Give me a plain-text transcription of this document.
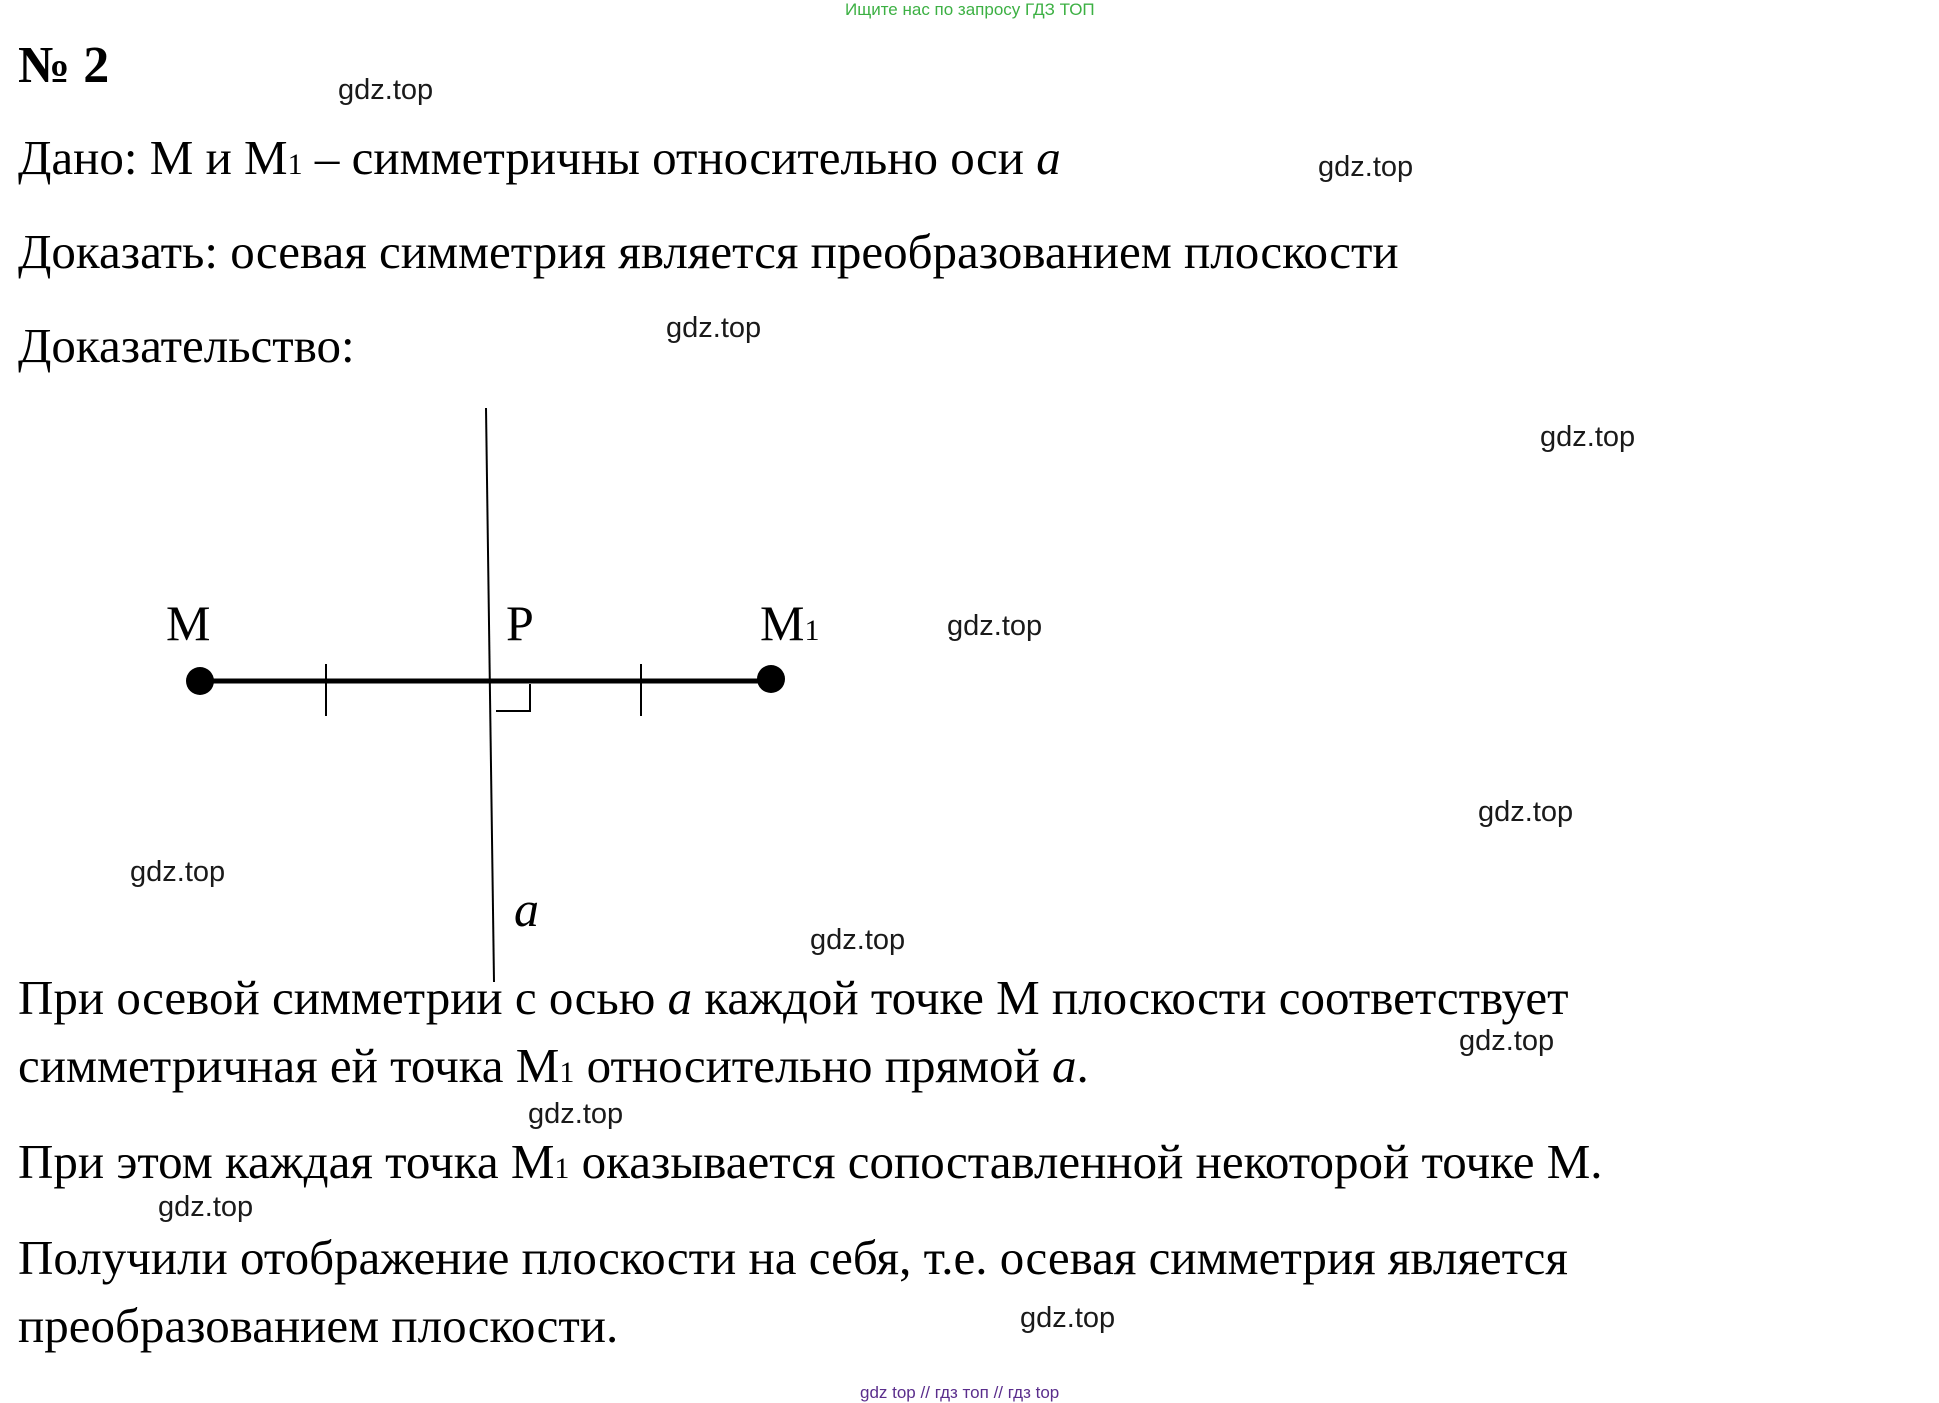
Ищите нас по запросу ГДЗ ТОП
№ 2
Дано: М и М1 – симметричны относительно оси a
Доказать: осевая симметрия является преобразованием плоскости
Доказательство:
M	P	M1
a
При осевой симметрии с осью a каждой точке М плоскости соответствует
симметричная ей точка М1 относительно прямой a.
При этом каждая точка М1 оказывается сопоставленной некоторой точке М.
Получили отображение плоскости на себя, т.е. осевая симметрия является
преобразованием плоскости.
gdz.top
gdz.top
gdz.top
gdz.top
gdz.top
gdz.top
gdz.top
gdz.top
gdz.top
gdz.top
gdz.top
gdz.top
gdz top // гдз топ // гдз top
